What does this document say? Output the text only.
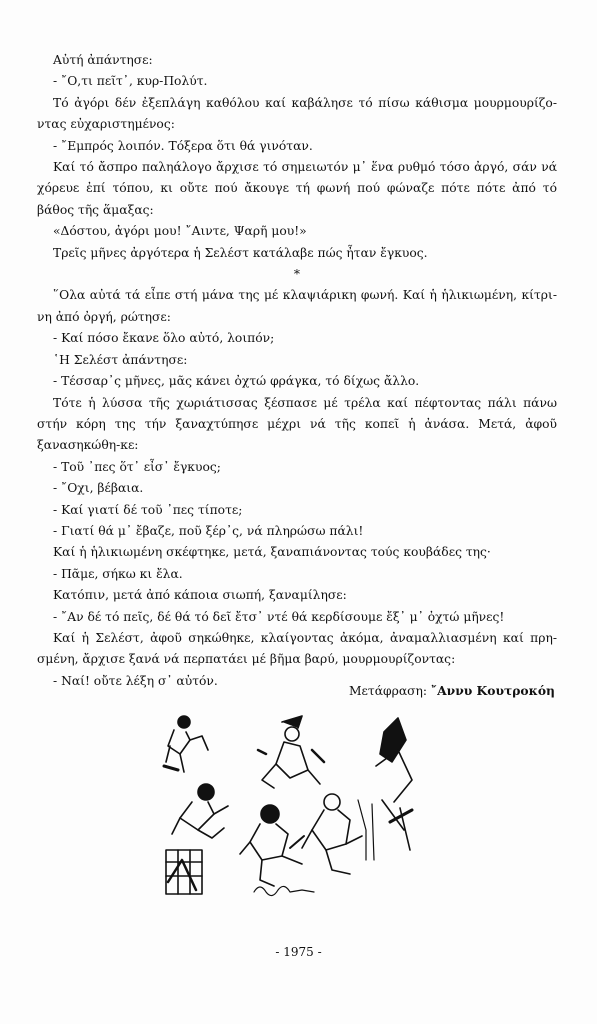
Αὐτή ἀπάντησε:

- ῎Ο,τι πεῖτ᾿, κυρ-Πολύτ.

Τό ἀγόρι δέν ἐξεπλάγη καθόλου καί καβάλησε τό πίσω κάθισμα μουρμουρίζο-ντας εὐχαριστημένος:

- ῎Εμπρός λοιπόν. Τόξερα ὅτι θά γινόταν.

Καί τό ἄσπρο παληάλογο ἄρχισε τό σημειωτόν μ᾿ ἕνα ρυθμό τόσο ἀργό, σάν νά χόρευε ἐπί τόπου, κι οὔτε πού ἄκουγε τή φωνή πού φώναζε πότε πότε ἀπό τό βάθος τῆς ἅμαξας:

«Δόστου, ἀγόρι μου! ῎Αιντε, Ψαρῆ μου!»

Τρεῖς μῆνες ἀργότερα ἡ Σελέστ κατάλαβε πώς ἦταν ἔγκυος.

*

῞Ολα αὐτά τά εἶπε στή μάνα της μέ κλαψιάρικη φωνή. Καί ἡ ἡλικιωμένη, κίτρι-νη ἀπό ὀργή, ρώτησε:

- Καί πόσο ἔκανε ὅλο αὐτό, λοιπόν;

῾Η Σελέστ ἀπάντησε:

- Τέσσαρ᾿ς μῆνες, μᾶς κάνει ὀχτώ φράγκα, τό δίχως ἄλλο.

Τότε ἡ λύσσα τῆς χωριάτισσας ξέσπασε μέ τρέλα καί πέφτοντας πάλι πάνω στήν κόρη της τήν ξαναχτύπησε μέχρι νά τῆς κοπεῖ ἡ ἀνάσα. Μετά, ἀφοῦ ξανασηκώθη-κε:

- Τοῦ ᾿πες ὅτ᾿ εἶσ᾿ ἔγκυος;

- ῎Οχι, βέβαια.

- Καί γιατί δέ τοῦ ᾿πες τίποτε;

- Γιατί θά μ᾿ ἔβαζε, ποῦ ξέρ᾿ς, νά πληρώσω πάλι!

Καί ἡ ἡλικιωμένη σκέφτηκε, μετά, ξαναπιάνοντας τούς κουβάδες της·

- Πᾶμε, σήκω κι ἔλα.

Κατόπιν, μετά ἀπό κάποια σιωπή, ξαναμίλησε:

- ῎Αν δέ τό πεῖς, δέ θά τό δεῖ ἔτσ᾿ ντέ θά κερδίσουμε ἔξ᾿ μ᾿ ὀχτώ μῆνες!

Καί ἡ Σελέστ, ἀφοῦ σηκώθηκε, κλαίγοντας ἀκόμα, ἀναμαλλιασμένη καί πρη-σμένη, ἄρχισε ξανά νά περπατάει μέ βῆμα βαρύ, μουρμουρίζοντας:

- Ναί! οὔτε λέξη σ᾿ αὐτόν.

Μετάφραση: ῎Αννυ Κουτροκόη
- 1975 -
